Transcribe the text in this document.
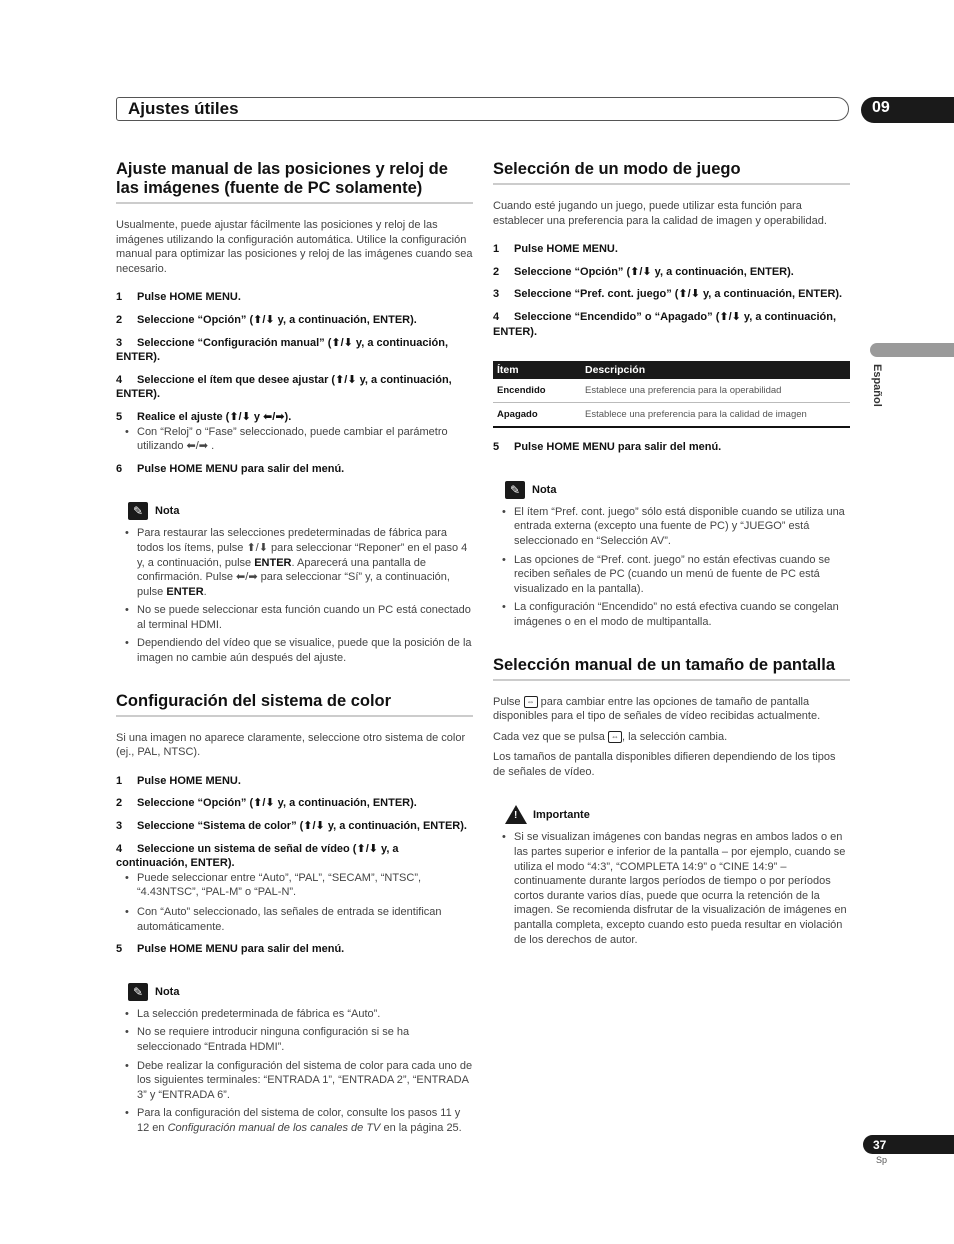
Ajustes útiles	09
Español
Ajuste manual de las posiciones y reloj de las imágenes (fuente de PC solamente)

Usualmente, puede ajustar fácilmente las posiciones y reloj de las imágenes utilizando la configuración automática. Utilice la configuración manual para optimizar las posiciones y reloj de las imágenes cuando sea necesario.

1 Pulse HOME MENU.
2 Seleccione “Opción” (⬆/⬇ y, a continuación, ENTER).
3 Seleccione “Configuración manual” (⬆/⬇ y, a continuación, ENTER).
4 Seleccione el ítem que desee ajustar (⬆/⬇ y, a continuación, ENTER).
5 Realice el ajuste (⬆/⬇ y ⬅/➡).
• Con “Reloj” o “Fase” seleccionado, puede cambiar el parámetro utilizando ⬅/➡ .
6 Pulse HOME MENU para salir del menú.
✎	Nota
• Para restaurar las selecciones predeterminadas de fábrica para todos los ítems, pulse ⬆/⬇ para seleccionar “Reponer” en el paso 4 y, a continuación, pulse ENTER. Aparecerá una pantalla de confirmación. Pulse ⬅/➡ para seleccionar “Sí” y, a continuación, pulse ENTER.
• No se puede seleccionar esta función cuando un PC está conectado al terminal HDMI.
• Dependiendo del vídeo que se visualice, puede que la posición de la imagen no cambie aún después del ajuste.
Configuración del sistema de color

Si una imagen no aparece claramente, seleccione otro sistema de color (ej., PAL, NTSC).

1 Pulse HOME MENU.
2 Seleccione “Opción” (⬆/⬇ y, a continuación, ENTER).
3 Seleccione “Sistema de color” (⬆/⬇ y, a continuación, ENTER).
4 Seleccione un sistema de señal de vídeo (⬆/⬇ y, a continuación, ENTER).
• Puede seleccionar entre “Auto”, “PAL”, “SECAM”, “NTSC”, “4.43NTSC”, “PAL-M” o “PAL-N”.
• Con “Auto” seleccionado, las señales de entrada se identifican automáticamente.
5 Pulse HOME MENU para salir del menú.
✎	Nota
• La selección predeterminada de fábrica es “Auto”.
• No se requiere introducir ninguna configuración si se ha seleccionado “Entrada HDMI”.
• Debe realizar la configuración del sistema de color para cada uno de los siguientes terminales: “ENTRADA 1”, “ENTRADA 2”, “ENTRADA 3” y “ENTRADA 6”.
• Para la configuración del sistema de color, consulte los pasos 11 y 12 en Configuración manual de los canales de TV en la página 25.
Selección de un modo de juego

Cuando esté jugando un juego, puede utilizar esta función para establecer una preferencia para la calidad de imagen y operabilidad.

1 Pulse HOME MENU.
2 Seleccione “Opción” (⬆/⬇ y, a continuación, ENTER).
3 Seleccione “Pref. cont. juego” (⬆/⬇ y, a continuación, ENTER).
4 Seleccione “Encendido” o “Apagado” (⬆/⬇ y, a continuación, ENTER).
Ítem	Descripción
Encendido	Establece una preferencia para la operabilidad
Apagado	Establece una preferencia para la calidad de imagen
5 Pulse HOME MENU para salir del menú.
✎	Nota
• El ítem “Pref. cont. juego” sólo está disponible cuando se utiliza una entrada externa (excepto una fuente de PC) y “JUEGO” está seleccionado en “Selección AV”.
• Las opciones de “Pref. cont. juego” no están efectivas cuando se reciben señales de PC (cuando un menú de fuente de PC está visualizado en la pantalla).
• La configuración “Encendido” no está efectiva cuando se congelan imágenes o en el modo de multipantalla.
Selección manual de un tamaño de pantalla

Pulse ⇔ para cambiar entre las opciones de tamaño de pantalla disponibles para el tipo de señales de vídeo recibidas actualmente.

Cada vez que se pulsa ⇔ , la selección cambia.

Los tamaños de pantalla disponibles difieren dependiendo de los tipos de señales de vídeo.

! Importante
• Si se visualizan imágenes con bandas negras en ambos lados o en las partes superior e inferior de la pantalla – por ejemplo, cuando se utiliza el modo “4:3”, “COMPLETA 14:9” o “CINE 14:9” – continuamente durante largos períodos de tiempo o por períodos cortos durante varios días, puede que ocurra la retención de la imagen. Se recomienda disfrutar de la visualización de imágenes en pantalla completa, excepto cuando esto pueda resultar en violación de los derechos de autor.
37
Sp
